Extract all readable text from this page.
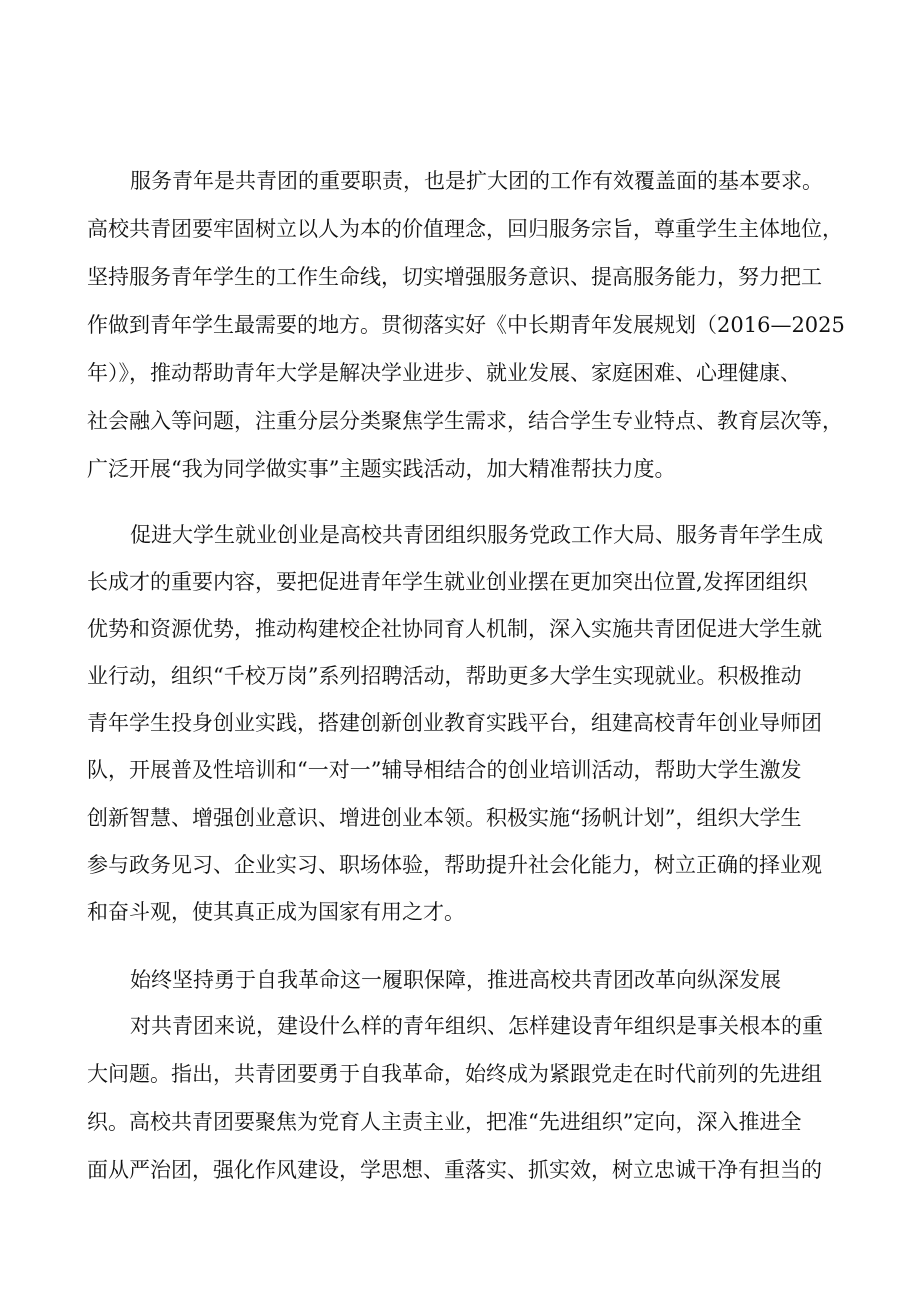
服务青年是共青团的重要职责，也是扩大团的工作有效覆盖面的基本要求。

高校共青团要牢固树立以人为本的价值理念，回归服务宗旨，尊重学生主体地位，

坚持服务青年学生的工作生命线，切实增强服务意识、提高服务能力，努力把工

作做到青年学生最需要的地方。贯彻落实好《中长期青年发展规划（2016—2025

年）》，推动帮助青年大学是解决学业进步、就业发展、家庭困难、心理健康、

社会融入等问题，注重分层分类聚焦学生需求，结合学生专业特点、教育层次等，

广泛开展“我为同学做实事”主题实践活动，加大精准帮扶力度。

促进大学生就业创业是高校共青团组织服务党政工作大局、服务青年学生成

长成才的重要内容，要把促进青年学生就业创业摆在更加突出位置,发挥团组织

优势和资源优势，推动构建校企社协同育人机制，深入实施共青团促进大学生就

业行动，组织“千校万岗”系列招聘活动，帮助更多大学生实现就业。积极推动

青年学生投身创业实践，搭建创新创业教育实践平台，组建高校青年创业导师团

队，开展普及性培训和“一对一”辅导相结合的创业培训活动，帮助大学生激发

创新智慧、增强创业意识、增进创业本领。积极实施“扬帆计划”，组织大学生

参与政务见习、企业实习、职场体验，帮助提升社会化能力，树立正确的择业观

和奋斗观，使其真正成为国家有用之才。

始终坚持勇于自我革命这一履职保障，推进高校共青团改革向纵深发展

对共青团来说，建设什么样的青年组织、怎样建设青年组织是事关根本的重

大问题。指出，共青团要勇于自我革命，始终成为紧跟党走在时代前列的先进组

织。高校共青团要聚焦为党育人主责主业，把准“先进组织”定向，深入推进全

面从严治团，强化作风建设，学思想、重落实、抓实效，树立忠诚干净有担当的
